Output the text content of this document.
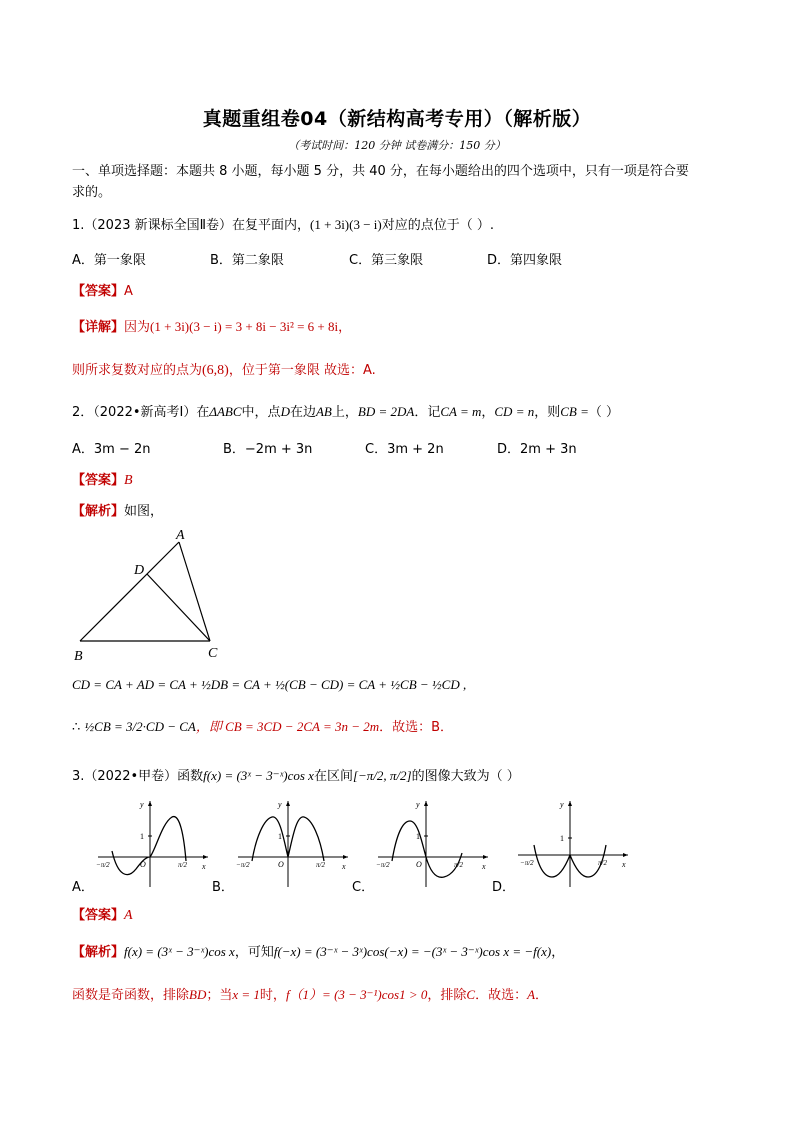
真题重组卷04（新结构高考专用）（解析版）
（考试时间：120 分钟 试卷满分：150 分）
一、单项选择题：本题共 8 小题，每小题 5 分，共 40 分，在每小题给出的四个选项中，只有一项是符合要
求的。
1.（2023 新课标全国Ⅱ卷）在复平面内，(1 + 3i)(3 − i)对应的点位于（ ）.
A．第一象限	B．第二象限	C．第三象限	D．第四象限
【答案】A
【详解】因为(1 + 3i)(3 − i) = 3 + 8i − 3i² = 6 + 8i，
则所求复数对应的点为(6,8)，位于第一象限 故选：A.
2．（2022•新高考Ⅰ）在ΔABC中，点D在边AB上，BD = 2DA．记CA = m，CD = n，则CB =（ ）
A．3m − 2n	B．−2m + 3n	C．3m + 2n	D．2m + 3n
【答案】B
【解析】如图，
A
D
B	C
CD = CA + AD = CA + ½DB = CA + ½(CB − CD) = CA + ½CB − ½CD ,
∴ ½CB = 3/2·CD − CA，即 CB = 3CD − 2CA = 3n − 2m．故选：B．
3.（2022•甲卷）函数f(x) = (3ˣ − 3⁻ˣ)cos x在区间[−π/2, π/2]的图像大致为（ ）
1
y
x
O
−π/2	π/2
A．
1
y
x
O
−π/2	π/2
B．
1
y
x
O
−π/2	π/2
C．
1
y
x
−π/2	π/2
D．
【答案】A
【解析】f(x) = (3ˣ − 3⁻ˣ)cos x，可知f(−x) = (3⁻ˣ − 3ˣ)cos(−x) = −(3ˣ − 3⁻ˣ)cos x = −f(x)，
函数是奇函数，排除BD；当x = 1时，f（1）= (3 − 3⁻¹)cos1 > 0，排除C．故选：A．
